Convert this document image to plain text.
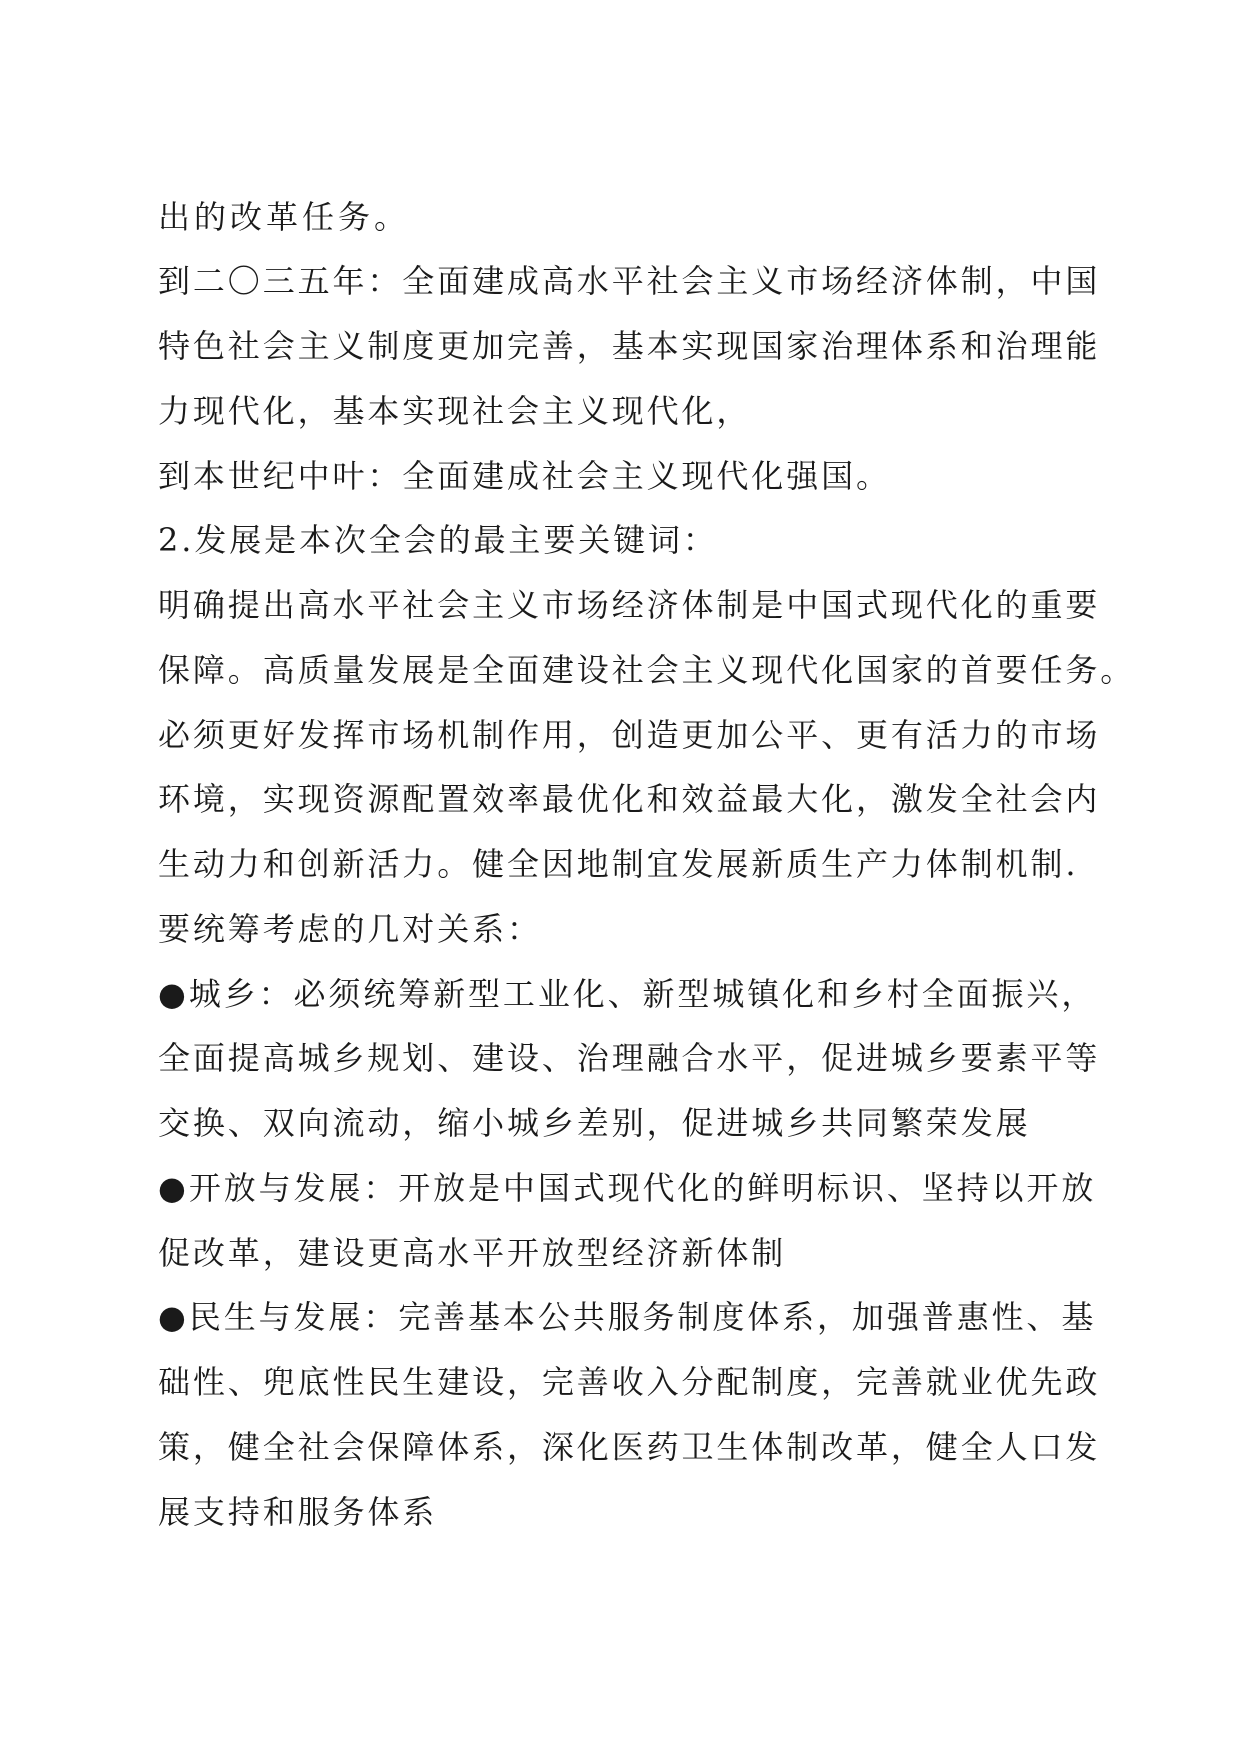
出的改革任务。
到二〇三五年：全面建成高水平社会主义市场经济体制，中国
特色社会主义制度更加完善，基本实现国家治理体系和治理能
力现代化，基本实现社会主义现代化，
到本世纪中叶：全面建成社会主义现代化强国。
2.发展是本次全会的最主要关键词：
明确提出高水平社会主义市场经济体制是中国式现代化的重要
保障。高质量发展是全面建设社会主义现代化国家的首要任务。
必须更好发挥市场机制作用，创造更加公平、更有活力的市场
环境，实现资源配置效率最优化和效益最大化，激发全社会内
生动力和创新活力。健全因地制宜发展新质生产力体制机制.
要统筹考虑的几对关系：
●城乡：必须统筹新型工业化、新型城镇化和乡村全面振兴，
全面提高城乡规划、建设、治理融合水平，促进城乡要素平等
交换、双向流动，缩小城乡差别，促进城乡共同繁荣发展
●开放与发展：开放是中国式现代化的鲜明标识、坚持以开放
促改革，建设更高水平开放型经济新体制
●民生与发展：完善基本公共服务制度体系，加强普惠性、基
础性、兜底性民生建设，完善收入分配制度，完善就业优先政
策，健全社会保障体系，深化医药卫生体制改革，健全人口发
展支持和服务体系
